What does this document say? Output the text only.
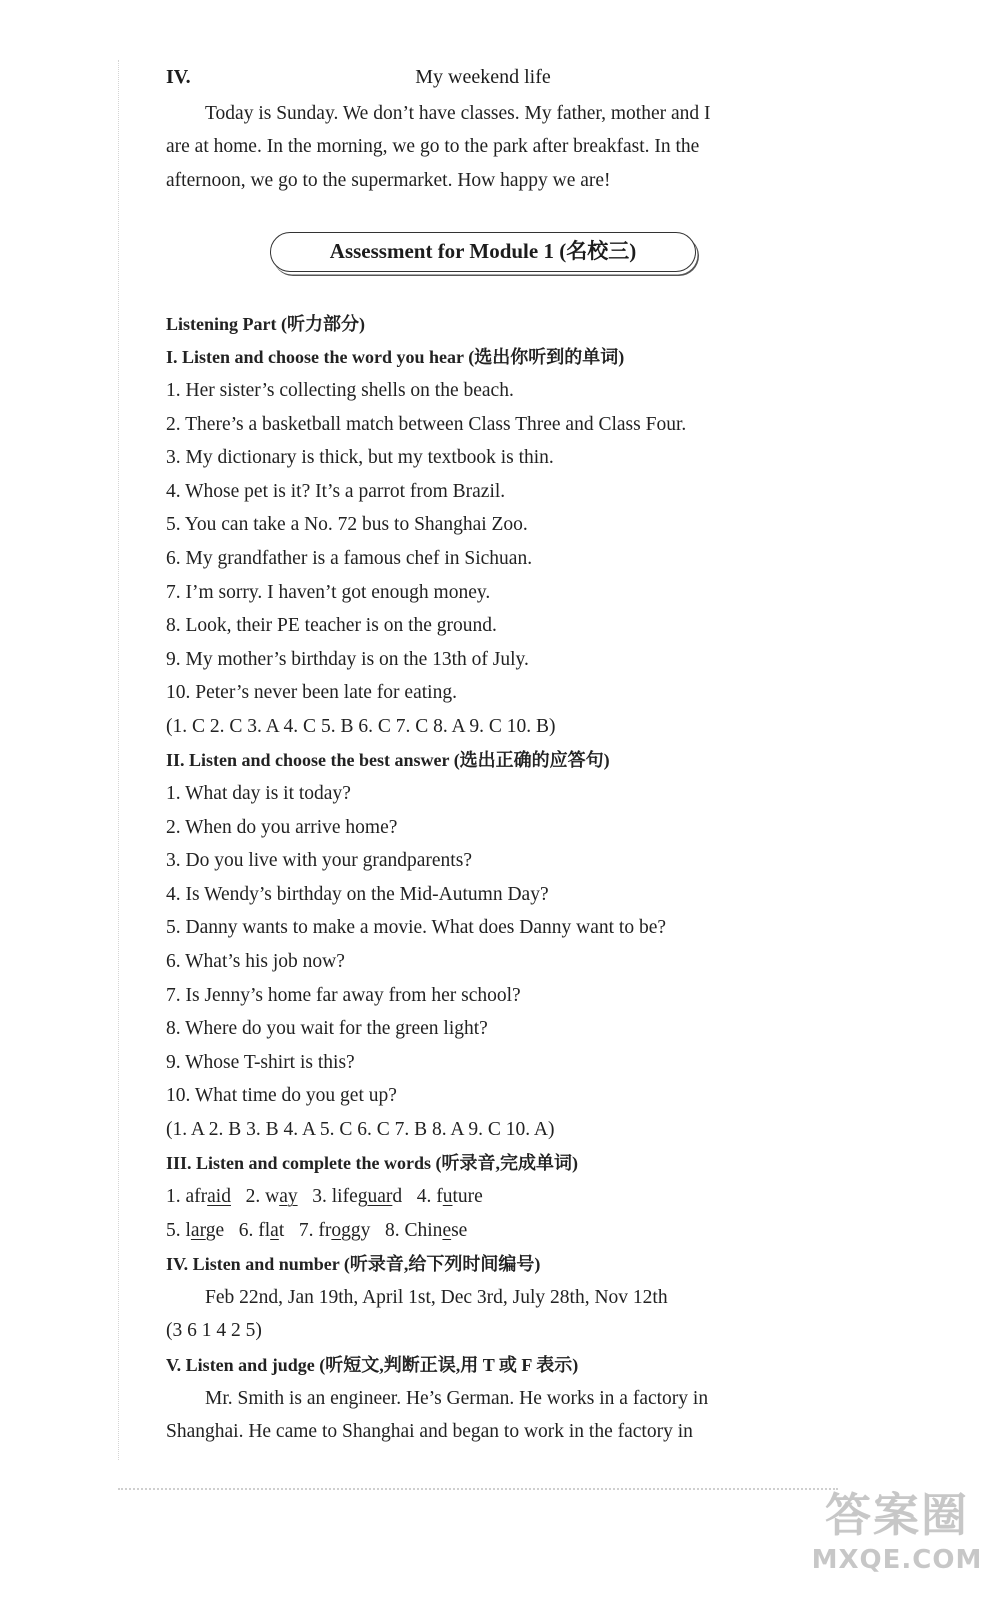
IV.	My weekend life
Today is Sunday. We don’t have classes. My father, mother and I
are at home. In the morning, we go to the park after breakfast. In the
afternoon, we go to the supermarket. How happy we are!
Assessment for Module 1 (名校三)
Listening Part (听力部分)
I. Listen and choose the word you hear (选出你听到的单词)
1. Her sister’s collecting shells on the beach.
2. There’s a basketball match between Class Three and Class Four.
3. My dictionary is thick, but my textbook is thin.
4. Whose pet is it? It’s a parrot from Brazil.
5. You can take a No. 72 bus to Shanghai Zoo.
6. My grandfather is a famous chef in Sichuan.
7. I’m sorry. I haven’t got enough money.
8. Look, their PE teacher is on the ground.
9. My mother’s birthday is on the 13th of July.
10. Peter’s never been late for eating.
(1. C 2. C 3. A 4. C 5. B 6. C 7. C 8. A 9. C 10. B)
II. Listen and choose the best answer (选出正确的应答句)
1. What day is it today?
2. When do you arrive home?
3. Do you live with your grandparents?
4. Is Wendy’s birthday on the Mid-Autumn Day?
5. Danny wants to make a movie. What does Danny want to be?
6. What’s his job now?
7. Is Jenny’s home far away from her school?
8. Where do you wait for the green light?
9. Whose T-shirt is this?
10. What time do you get up?
(1. A 2. B 3. B 4. A 5. C 6. C 7. B 8. A 9. C 10. A)
III. Listen and complete the words (听录音,完成单词)
1. afraid 2. way 3. lifeguard 4. future
5. large 6. flat 7. froggy 8. Chinese
IV. Listen and number (听录音,给下列时间编号)
Feb 22nd, Jan 19th, April 1st, Dec 3rd, July 28th, Nov 12th
(3 6 1 4 2 5)
V. Listen and judge (听短文,判断正误,用 T 或 F 表示)
Mr. Smith is an engineer. He’s German. He works in a factory in
Shanghai. He came to Shanghai and began to work in the factory in
答案圈
MXQE.COM
